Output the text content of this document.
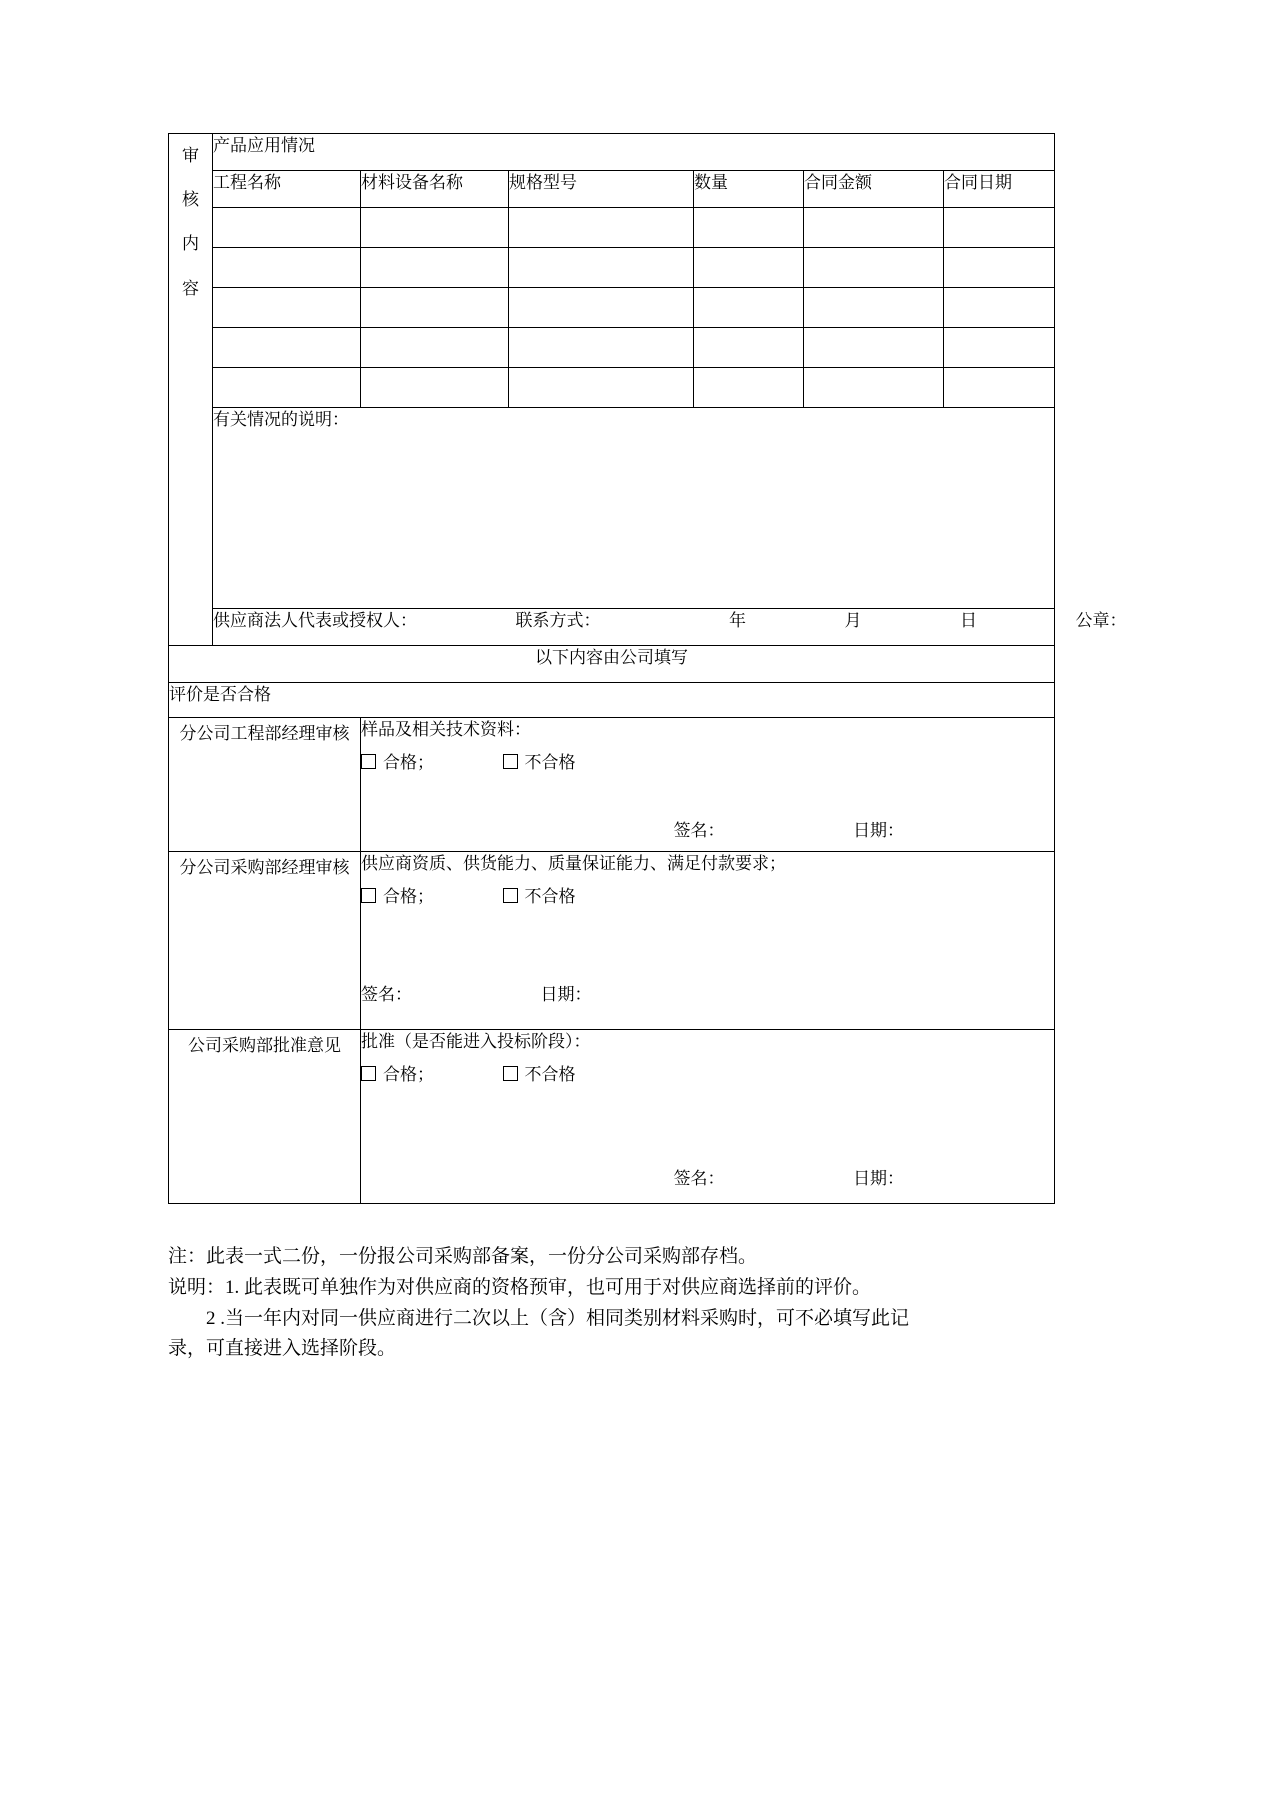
审
核
内
容	产品应用情况					
	工程名称	材料设备名称	规格型号	数量	合同金额	合同日期

	有关情况的说明：					

	供应商法人代表或授权人： 联系方式： 年 月 日 公章：					
以下内容由公司填写						
评价是否合格						
分公司工程部经理审核		样品及相关技术资料：
合格； 不合格
签名： 日期：				

分公司采购部经理审核		供应商资质、供货能力、质量保证能力、满足付款要求；
合格； 不合格
签名： 日期：				

公司采购部批准意见		批准（是否能进入投标阶段）：
合格； 不合格
签名： 日期：				

注：此表一式二份，一份报公司采购部备案，一份分公司采购部存档。

说明：1. 此表既可单独作为对供应商的资格预审，也可用于对供应商选择前的评价。

2 .当一年内对同一供应商进行二次以上（含）相同类别材料采购时，可不必填写此记

录，可直接进入选择阶段。
